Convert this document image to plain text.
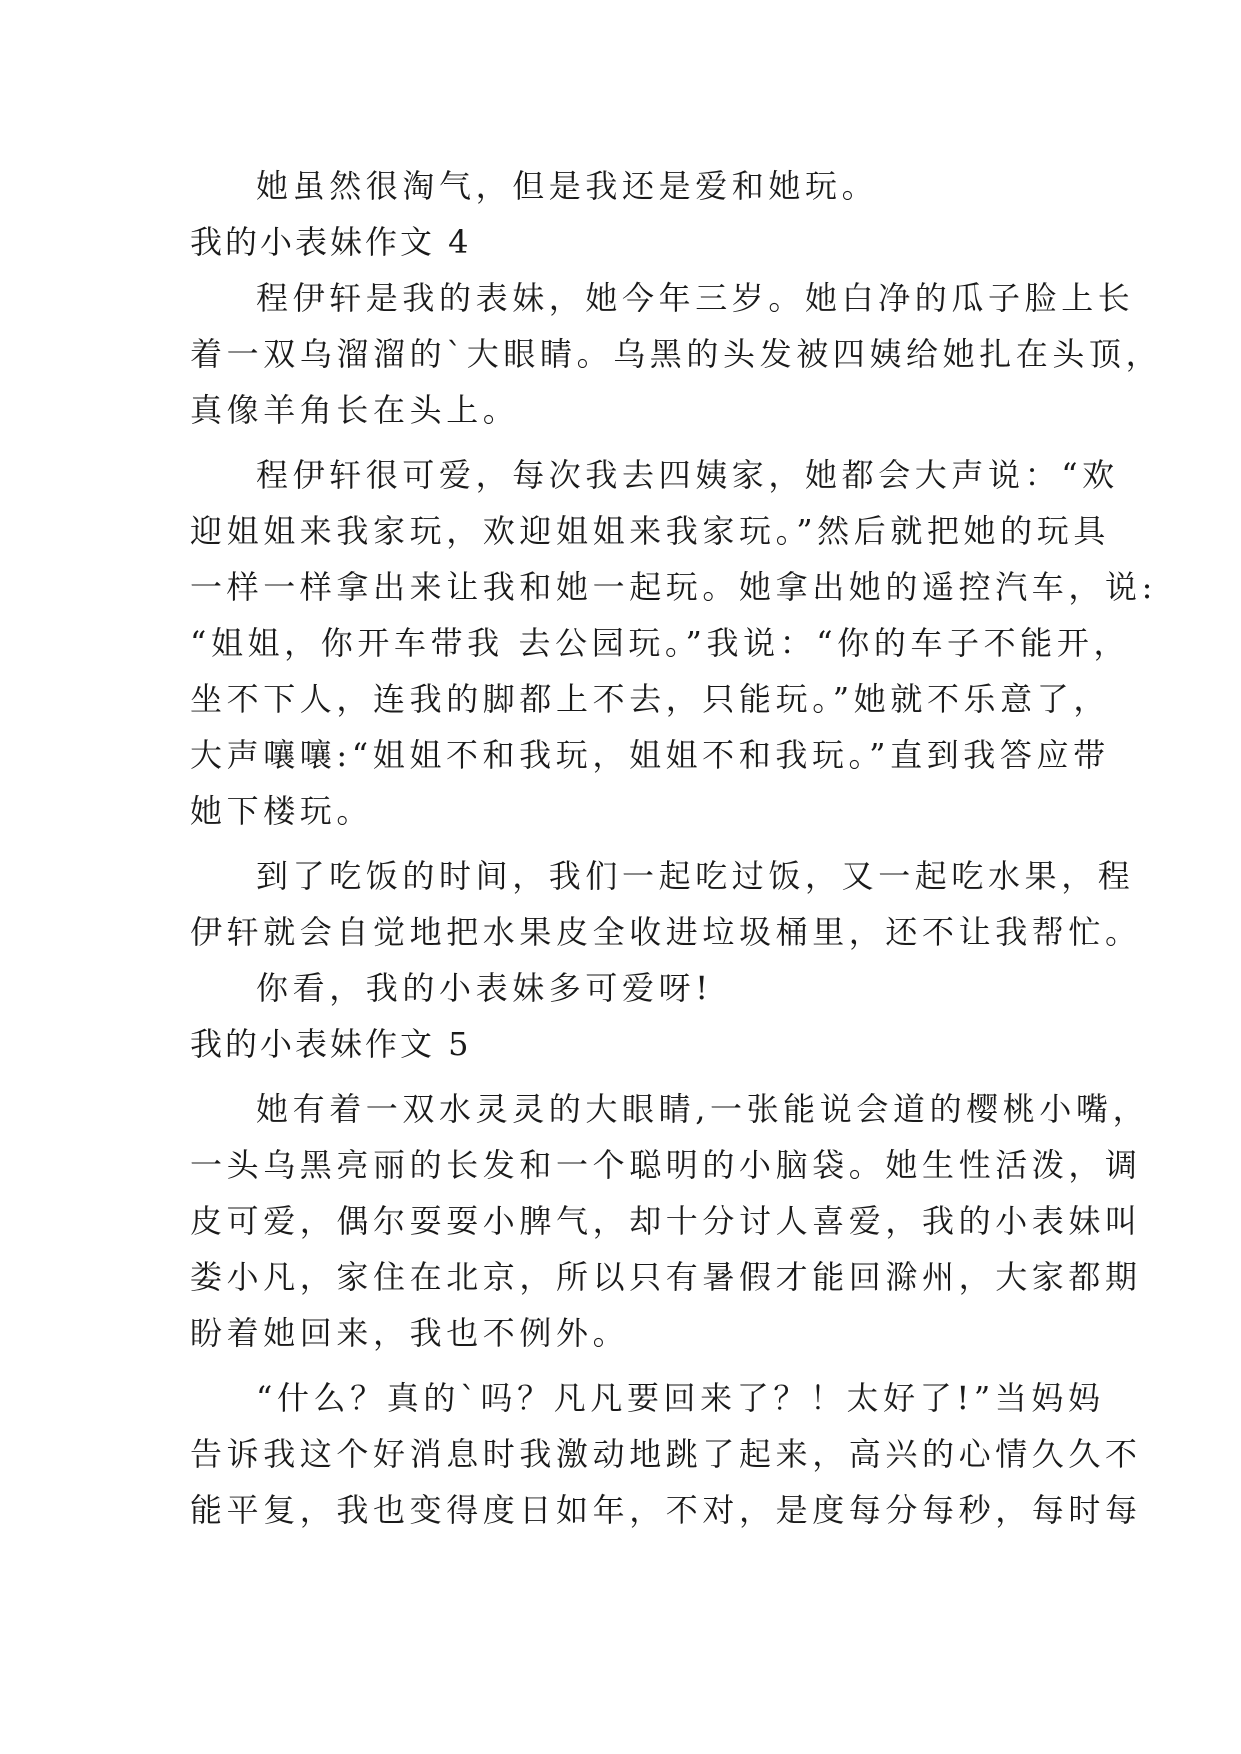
她虽然很淘气，但是我还是爱和她玩。
我的小表妹作文 4
程伊轩是我的表妹，她今年三岁。她白净的瓜子脸上长
着一双乌溜溜的`大眼睛。乌黑的头发被四姨给她扎在头顶，
真像羊角长在头上。
程伊轩很可爱，每次我去四姨家，她都会大声说：“欢
迎姐姐来我家玩，欢迎姐姐来我家玩。”然后就把她的玩具
一样一样拿出来让我和她一起玩。她拿出她的遥控汽车，说:
“姐姐，你开车带我 去公园玩。”我说：“你的车子不能开，
坐不下人，连我的脚都上不去，只能玩。”她就不乐意了，
大声嚷嚷:“姐姐不和我玩，姐姐不和我玩。”直到我答应带
她下楼玩。
到了吃饭的时间，我们一起吃过饭，又一起吃水果，程
伊轩就会自觉地把水果皮全收进垃圾桶里，还不让我帮忙。
你看，我的小表妹多可爱呀!
我的小表妹作文 5
她有着一双水灵灵的大眼睛,一张能说会道的樱桃小嘴，
一头乌黑亮丽的长发和一个聪明的小脑袋。她生性活泼，调
皮可爱，偶尔耍耍小脾气，却十分讨人喜爱，我的小表妹叫
娄小凡，家住在北京，所以只有暑假才能回滁州，大家都期
盼着她回来，我也不例外。
“什么？真的`吗？凡凡要回来了？！太好了!”当妈妈
告诉我这个好消息时我激动地跳了起来，高兴的心情久久不
能平复，我也变得度日如年，不对，是度每分每秒，每时每
